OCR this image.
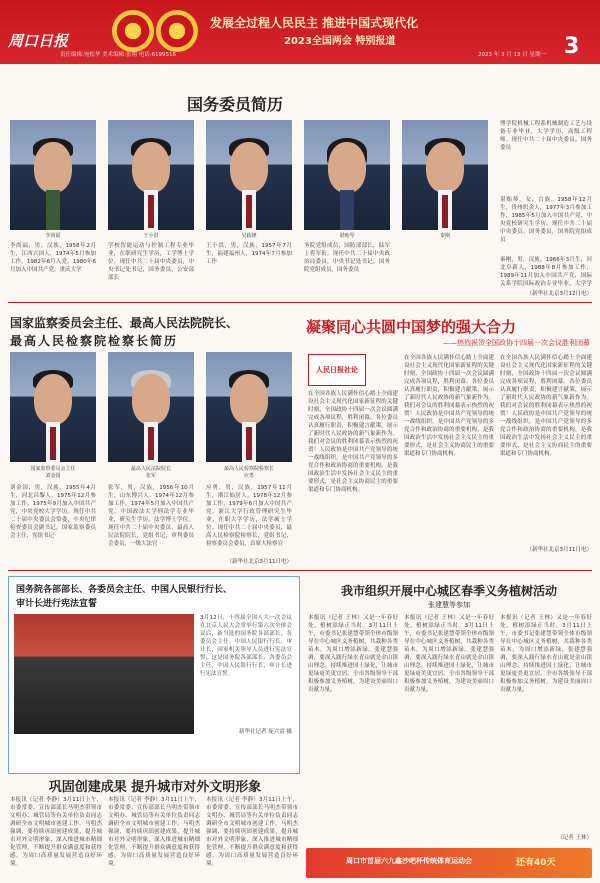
周口日报
发展全过程人民民主 推进中国式现代化
2023全国两会 特别报道
责任编辑:宛松华 美术编辑:张翔 电话:6199516	2023 年 3 月 13 日 星期一 3
国务委员简历
李尚福	王小洪	吴政隆	谌贻琴	秦刚
李尚福，男，汉族，1958年2月生，江西兴国人，1974年5月参加工作，1982年6月入党，1980年6月加入中国共产党，重庆大学
学校智能运动与控制工程专业毕业，在职研究生学历，工学博士学位。现任中共二十届中央委员，中央书记处书记，国务委员，公安部部长
王小洪，男，汉族，1957年7月生，福建福州人，1974年7月参加工作
务院党组成员，国防部部长，陆军上将军衔。现任中共二十届中央政治局委员，中央书记处书记，国务院党组成员，国务委员
博学院机械工程系机械制造工艺与设备专业毕业，大学学历，高级工程师。现任中共二十届中央委员，国务委员
谌贻琴，女，白族，1958年12月生，贵州织金人，1977年3月参加工作，1985年5月加入中国共产党，中央党校研究生学历。现任中共二十届中央委员，国务委员，国务院党组成员
秦刚，男，汉族，1966年3月生，河北阜新人，1988年8月参加工作，1989年11月加入中国共产党，国际关系学院国际政治专业毕业，大学学
（新华社北京3月12日电）
国家监察委员会主任、最高人民法院院长、
最高人民检察院检察长简历
国家监察委员会主任
刘金国
最高人民法院院长
张军
最高人民检察院检察长
应勇
刘金国，男，汉族，1955年4月生，河北昌黎人，1975年12月参加工作，1975年9月加入中国共产党，中央党校大学学历。现任中共二十届中央委员会常委，中央纪律检查委员会副书记，国家监察委员会主任，党组书记
张军，男，汉族，1956年10月生，山东博兴人，1974年12月参加工作，1974年5月加入中国共产党，中国政法大学刑法学专业毕业，研究生学历，法学博士学位。现任中共二十届中央委员，最高人民法院院长，党组书记，审判委员会委员，一级大法官
应勇，男，汉族，1957年11月生，浙江仙居人，1978年12月参加工作，1979年6月加入中国共产党，浙江大学行政管理研究生毕业，在职大学学历，法学硕士学位。现任中共二十届中央委员，最高人民检察院检察长，党组书记，检察委员会委员，首席大检察官
（新华社北京3月11日电）
凝聚同心共圆中国梦的强大合力
——热烈祝贺全国政协十四届一次会议胜利闭幕
人民日报社论
在全国各族人民满怀信心踏上全面建设社会主义现代化国家新征程的关键时刻，全国政协十四届一次会议圆满完成各项议程，胜利闭幕。各位委员认真履行职责，积极建言献策，展示了新时代人民政协的新气象新作为。我们对会议的胜利闭幕表示热烈的祝贺！人民政协是中国共产党领导的统一战线组织，是中国共产党领导的多党合作和政治协商的重要机构，是我国政治生活中发扬社会主义民主的重要形式，是社会主义协商民主的重要渠道和专门协商机构。
在全国各族人民满怀信心踏上全面建设社会主义现代化国家新征程的关键时刻，全国政协十四届一次会议圆满完成各项议程，胜利闭幕。各位委员认真履行职责，积极建言献策，展示了新时代人民政协的新气象新作为。我们对会议的胜利闭幕表示热烈的祝贺！人民政协是中国共产党领导的统一战线组织，是中国共产党领导的多党合作和政治协商的重要机构，是我国政治生活中发扬社会主义民主的重要形式，是社会主义协商民主的重要渠道和专门协商机构。
在全国各族人民满怀信心踏上全面建设社会主义现代化国家新征程的关键时刻，全国政协十四届一次会议圆满完成各项议程，胜利闭幕。各位委员认真履行职责，积极建言献策，展示了新时代人民政协的新气象新作为。我们对会议的胜利闭幕表示热烈的祝贺！人民政协是中国共产党领导的统一战线组织，是中国共产党领导的多党合作和政治协商的重要机构，是我国政治生活中发扬社会主义民主的重要形式，是社会主义协商民主的重要渠道和专门协商机构。
（新华社北京3月11日电）
国务院各部部长、各委员会主任、中国人民银行行长、
审计长进行宪法宣誓
3月12日，十四届全国人大一次会议在北京人民大会堂举行第六次全体会议后，新当选的国务院各部部长、各委员会主任、中国人民银行行长、审计长，国家机关领导人员进行宪法宣誓。这是国务院各部部长、各委员会主任、中国人民银行行长、审计长进行宪法宣誓。
新华社记者 庞兴雷 摄
巩固创建成果 提升城市对外文明形象
本报讯（记者 李静）3月11日上午，市委常委、宣传部部长马明杰带领市文明办、城管局等有关单位负责同志调研全市文明城市创建工作。马明杰强调，要持续巩固创建成果，提升城市对外文明形象，深入推进城市精细化管理，不断提升群众满意度和获得感，为周口高质量发展营造良好环境。
本报讯（记者 李静）3月11日上午，市委常委、宣传部部长马明杰带领市文明办、城管局等有关单位负责同志调研全市文明城市创建工作。马明杰强调，要持续巩固创建成果，提升城市对外文明形象，深入推进城市精细化管理，不断提升群众满意度和获得感，为周口高质量发展营造良好环境。
本报讯（记者 李静）3月11日上午，市委常委、宣传部部长马明杰带领市文明办、城管局等有关单位负责同志调研全市文明城市创建工作。马明杰强调，要持续巩固创建成果，提升城市对外文明形象，深入推进城市精细化管理，不断提升群众满意度和获得感，为周口高质量发展营造良好环境。
我市组织开展中心城区春季义务植树活动
张建慧等参加
本报讯（记者 王林）又是一年春好处，植树添绿正当时。3月11日上午，市委书记张建慧带领全体市级领导在中心城区义务植树，共栽种各类苗木，为周口增添新绿。张建慧强调，要深入践行绿水青山就是金山银山理念，持续推进国土绿化，让城市更绿更美更宜居。全市各级领导干部积极参加义务植树，为建设美丽周口贡献力量。
本报讯（记者 王林）又是一年春好处，植树添绿正当时。3月11日上午，市委书记张建慧带领全体市级领导在中心城区义务植树，共栽种各类苗木，为周口增添新绿。张建慧强调，要深入践行绿水青山就是金山银山理念，持续推进国土绿化，让城市更绿更美更宜居。全市各级领导干部积极参加义务植树，为建设美丽周口贡献力量。
本报讯（记者 王林）又是一年春好处，植树添绿正当时。3月11日上午，市委书记张建慧带领全体市级领导在中心城区义务植树，共栽种各类苗木，为周口增添新绿。张建慧强调，要深入践行绿水青山就是金山银山理念，持续推进国土绿化，让城市更绿更美更宜居。全市各级领导干部积极参加义务植树，为建设美丽周口贡献力量。
（记者 王林）
周口市首届六九鑫沙吧杯传统体育运动会	还有40天
